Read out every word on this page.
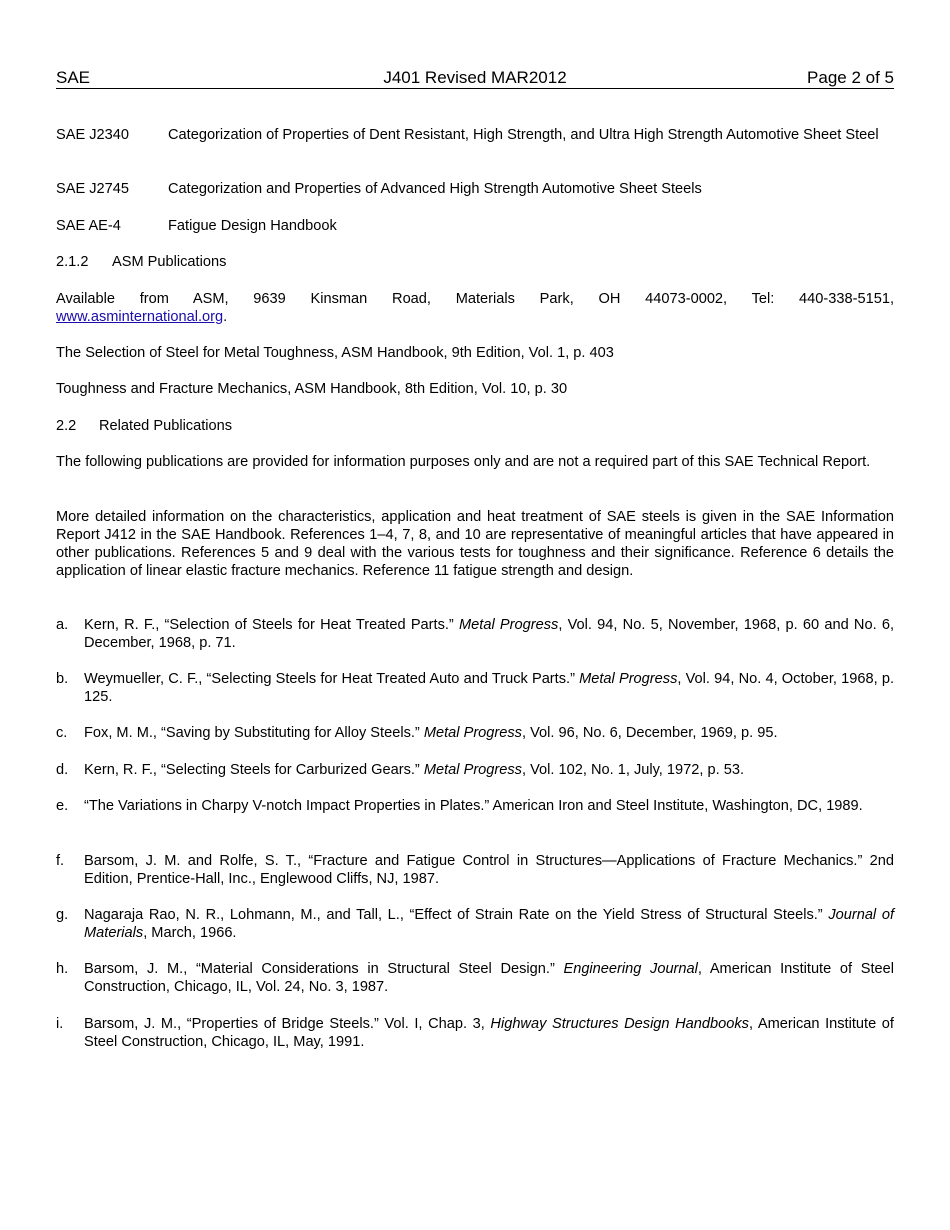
SAE	J401 Revised MAR2012	Page 2 of 5
SAE J2340	Categorization of Properties of Dent Resistant, High Strength, and Ultra High Strength Automotive Sheet Steel
SAE J2745	Categorization and Properties of Advanced High Strength Automotive Sheet Steels
SAE AE-4	Fatigue Design Handbook
2.1.2 ASM Publications
Available from ASM, 9639 Kinsman Road, Materials Park, OH 44073-0002, Tel: 440-338-5151,
www.asminternational.org.
The Selection of Steel for Metal Toughness, ASM Handbook, 9th Edition, Vol. 1, p. 403
Toughness and Fracture Mechanics, ASM Handbook, 8th Edition, Vol. 10, p. 30
2.2 Related Publications
The following publications are provided for information purposes only and are not a required part of this SAE Technical Report.
More detailed information on the characteristics, application and heat treatment of SAE steels is given in the SAE Information Report J412 in the SAE Handbook. References 1–4, 7, 8, and 10 are representative of meaningful articles that have appeared in other publications. References 5 and 9 deal with the various tests for toughness and their significance. Reference 6 details the application of linear elastic fracture mechanics. Reference 11 fatigue strength and design.
a. Kern, R. F., “Selection of Steels for Heat Treated Parts.” Metal Progress, Vol. 94, No. 5, November, 1968, p. 60 and No. 6, December, 1968, p. 71.
b. Weymueller, C. F., “Selecting Steels for Heat Treated Auto and Truck Parts.” Metal Progress, Vol. 94, No. 4, October, 1968, p. 125.
c. Fox, M. M., “Saving by Substituting for Alloy Steels.” Metal Progress, Vol. 96, No. 6, December, 1969, p. 95.
d. Kern, R. F., “Selecting Steels for Carburized Gears.” Metal Progress, Vol. 102, No. 1, July, 1972, p. 53.
e. “The Variations in Charpy V-notch Impact Properties in Plates.” American Iron and Steel Institute, Washington, DC, 1989.
f. Barsom, J. M. and Rolfe, S. T., “Fracture and Fatigue Control in Structures—Applications of Fracture Mechanics.” 2nd Edition, Prentice-Hall, Inc., Englewood Cliffs, NJ, 1987.
g. Nagaraja Rao, N. R., Lohmann, M., and Tall, L., “Effect of Strain Rate on the Yield Stress of Structural Steels.” Journal of Materials, March, 1966.
h. Barsom, J. M., “Material Considerations in Structural Steel Design.” Engineering Journal, American Institute of Steel Construction, Chicago, IL, Vol. 24, No. 3, 1987.
i. Barsom, J. M., “Properties of Bridge Steels.” Vol. I, Chap. 3, Highway Structures Design Handbooks, American Institute of Steel Construction, Chicago, IL, May, 1991.
